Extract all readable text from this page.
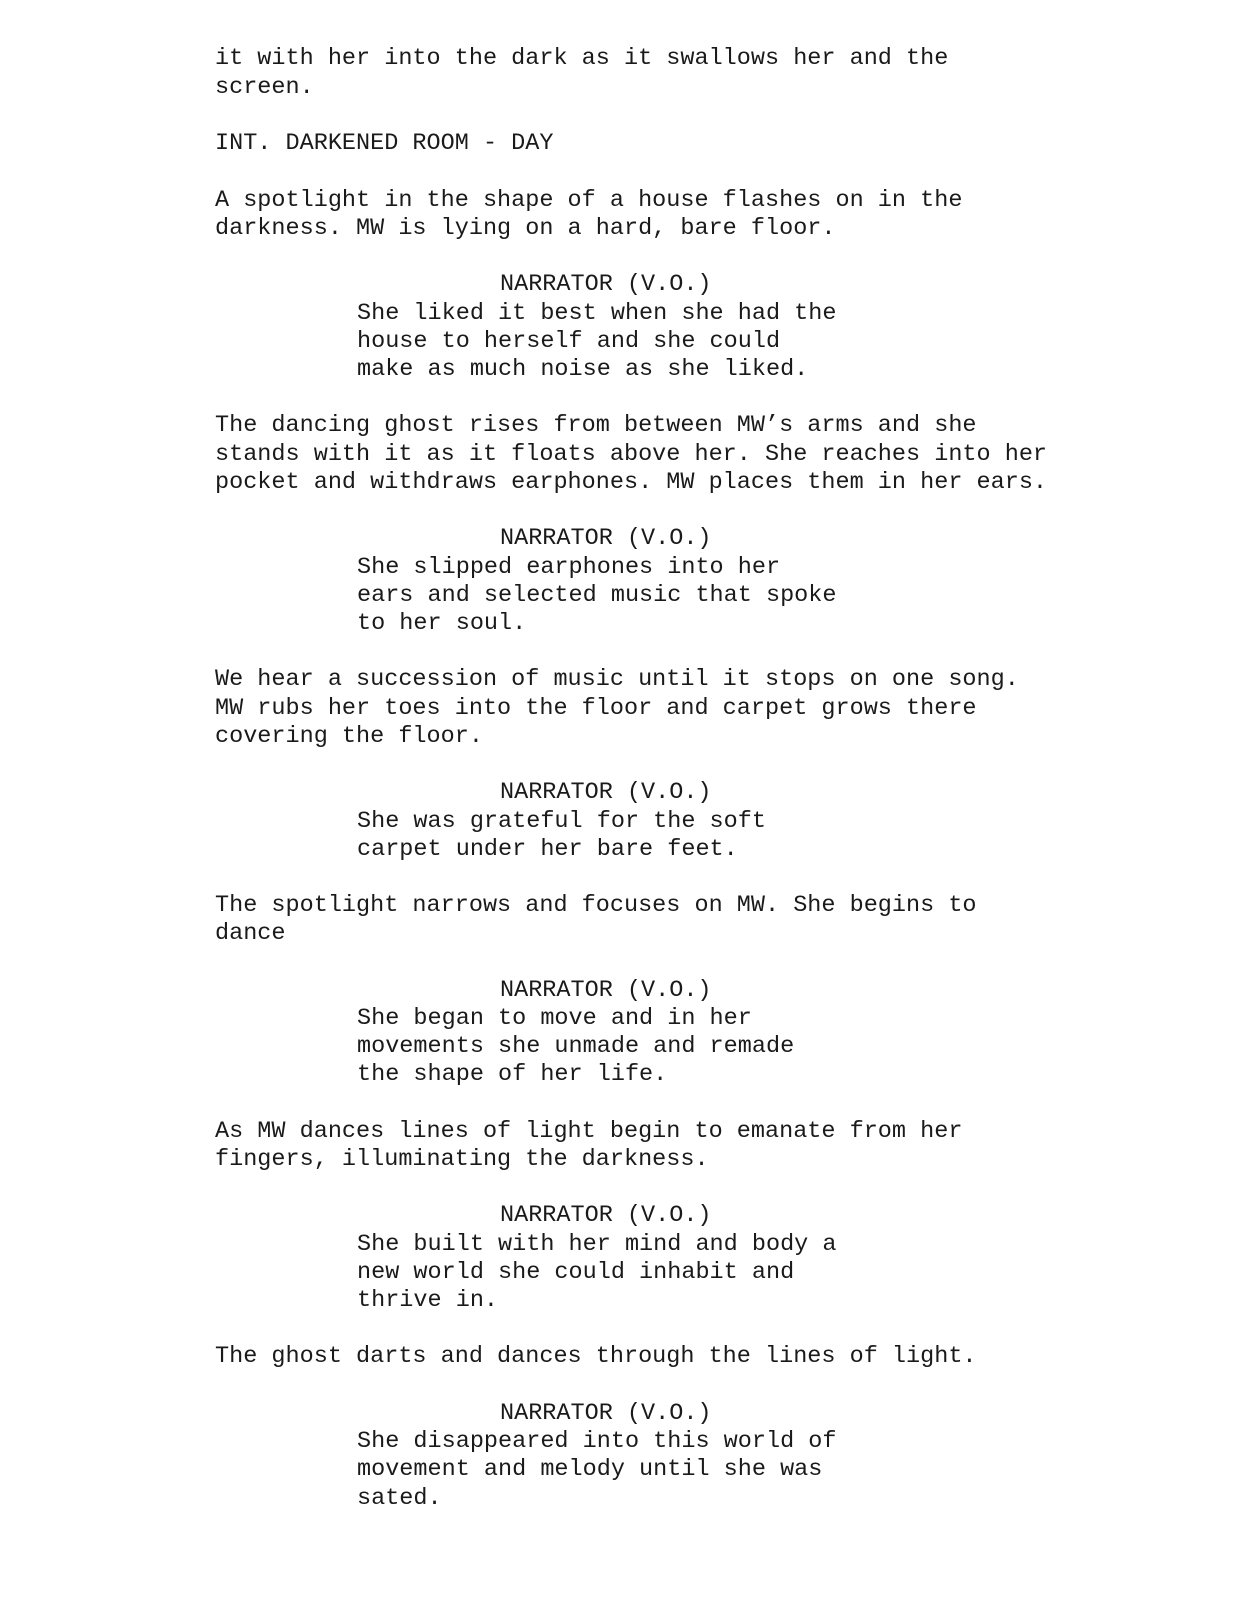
it with her into the dark as it swallows her and the
screen.
INT. DARKENED ROOM - DAY
A spotlight in the shape of a house flashes on in the
darkness. MW is lying on a hard, bare floor.
NARRATOR (V.O.)
She liked it best when she had the
house to herself and she could
make as much noise as she liked.
The dancing ghost rises from between MW’s arms and she
stands with it as it floats above her. She reaches into her
pocket and withdraws earphones. MW places them in her ears.
NARRATOR (V.O.)
She slipped earphones into her
ears and selected music that spoke
to her soul.
We hear a succession of music until it stops on one song.
MW rubs her toes into the floor and carpet grows there
covering the floor.
NARRATOR (V.O.)
She was grateful for the soft
carpet under her bare feet.
The spotlight narrows and focuses on MW. She begins to
dance
NARRATOR (V.O.)
She began to move and in her
movements she unmade and remade
the shape of her life.
As MW dances lines of light begin to emanate from her
fingers, illuminating the darkness.
NARRATOR (V.O.)
She built with her mind and body a
new world she could inhabit and
thrive in.
The ghost darts and dances through the lines of light.
NARRATOR (V.O.)
She disappeared into this world of
movement and melody until she was
sated.
